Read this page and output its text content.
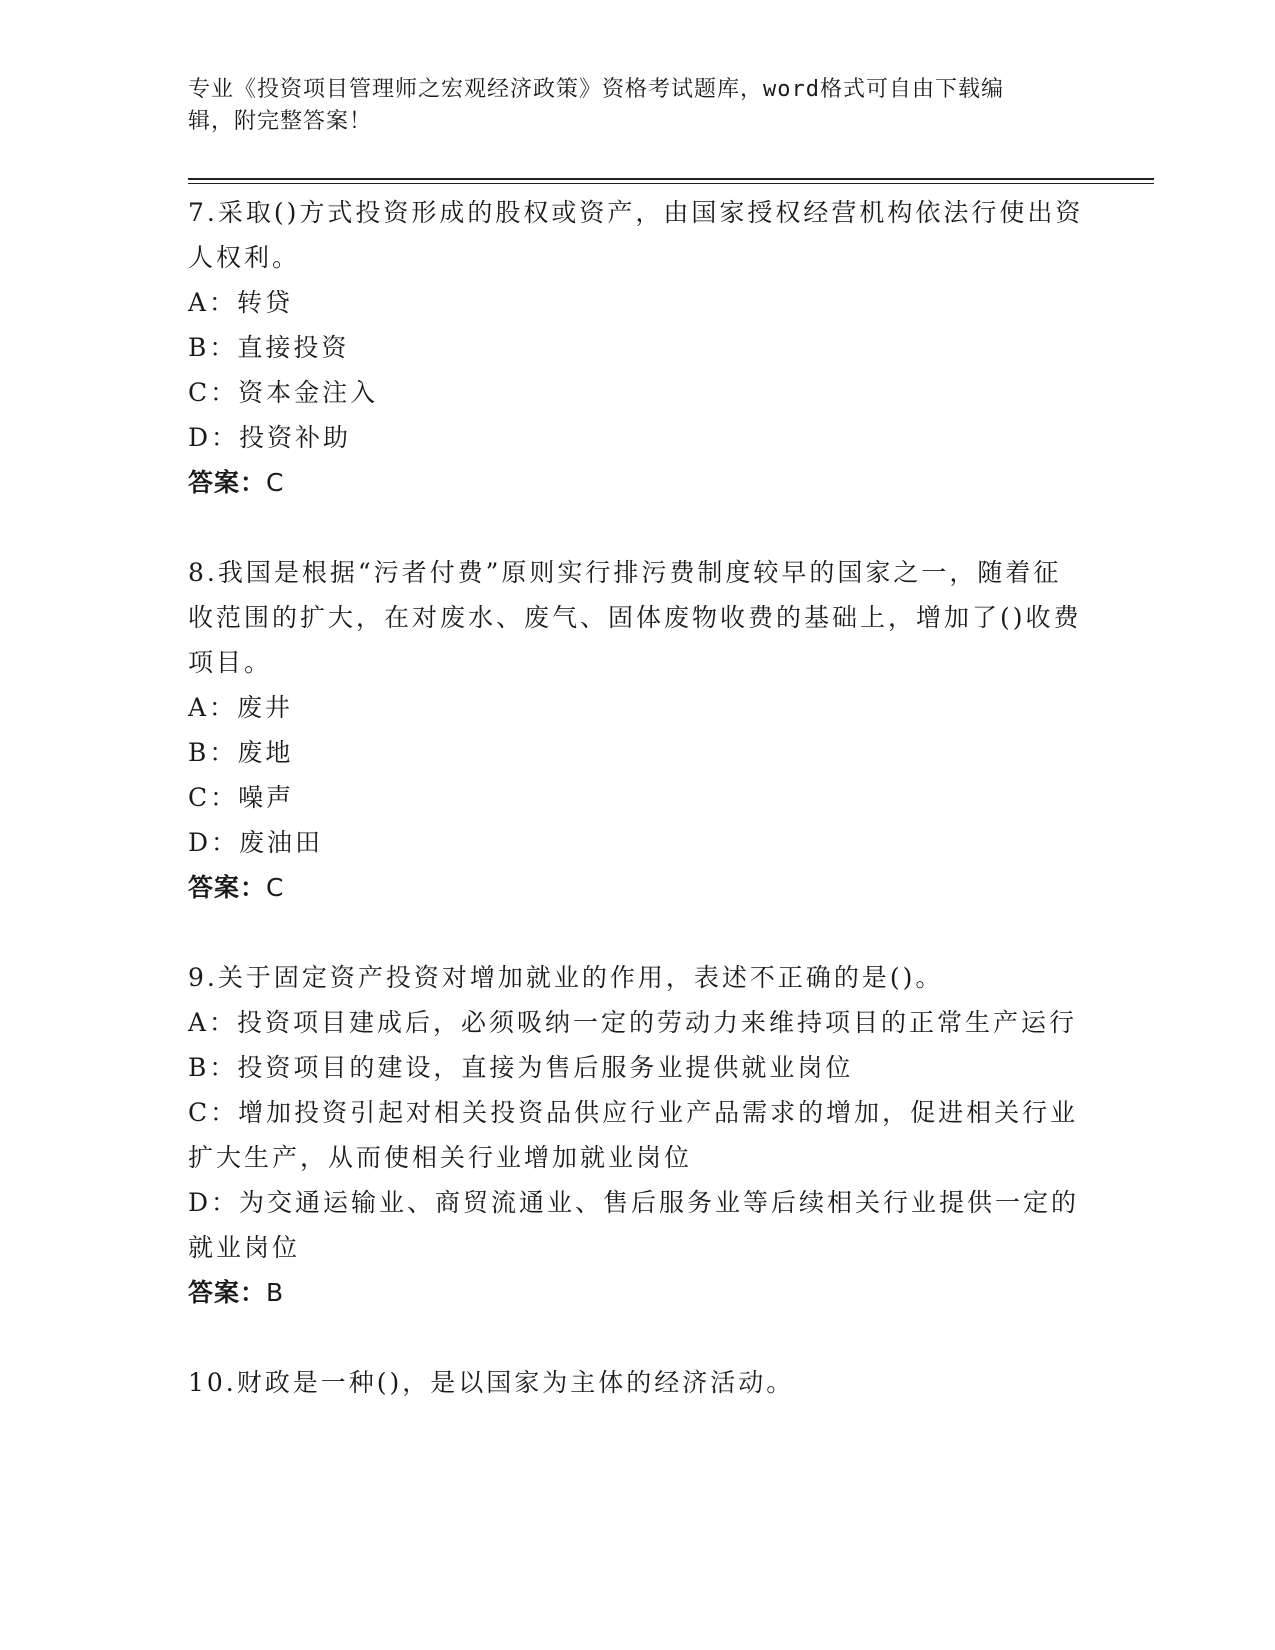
专业《投资项目管理师之宏观经济政策》资格考试题库，word格式可自由下载编
辑，附完整答案！
7.采取()方式投资形成的股权或资产，由国家授权经营机构依法行使出资人权利。
A：转贷
B：直接投资
C：资本金注入
D：投资补助
答案：C
8.我国是根据“污者付费”原则实行排污费制度较早的国家之一，随着征收范围的扩大，在对废水、废气、固体废物收费的基础上，增加了()收费项目。
A：废井
B：废地
C：噪声
D：废油田
答案：C
9.关于固定资产投资对增加就业的作用，表述不正确的是()。
A：投资项目建成后，必须吸纳一定的劳动力来维持项目的正常生产运行
B：投资项目的建设，直接为售后服务业提供就业岗位
C：增加投资引起对相关投资品供应行业产品需求的增加，促进相关行业扩大生产，从而使相关行业增加就业岗位
D：为交通运输业、商贸流通业、售后服务业等后续相关行业提供一定的就业岗位
答案：B
10.财政是一种()，是以国家为主体的经济活动。
